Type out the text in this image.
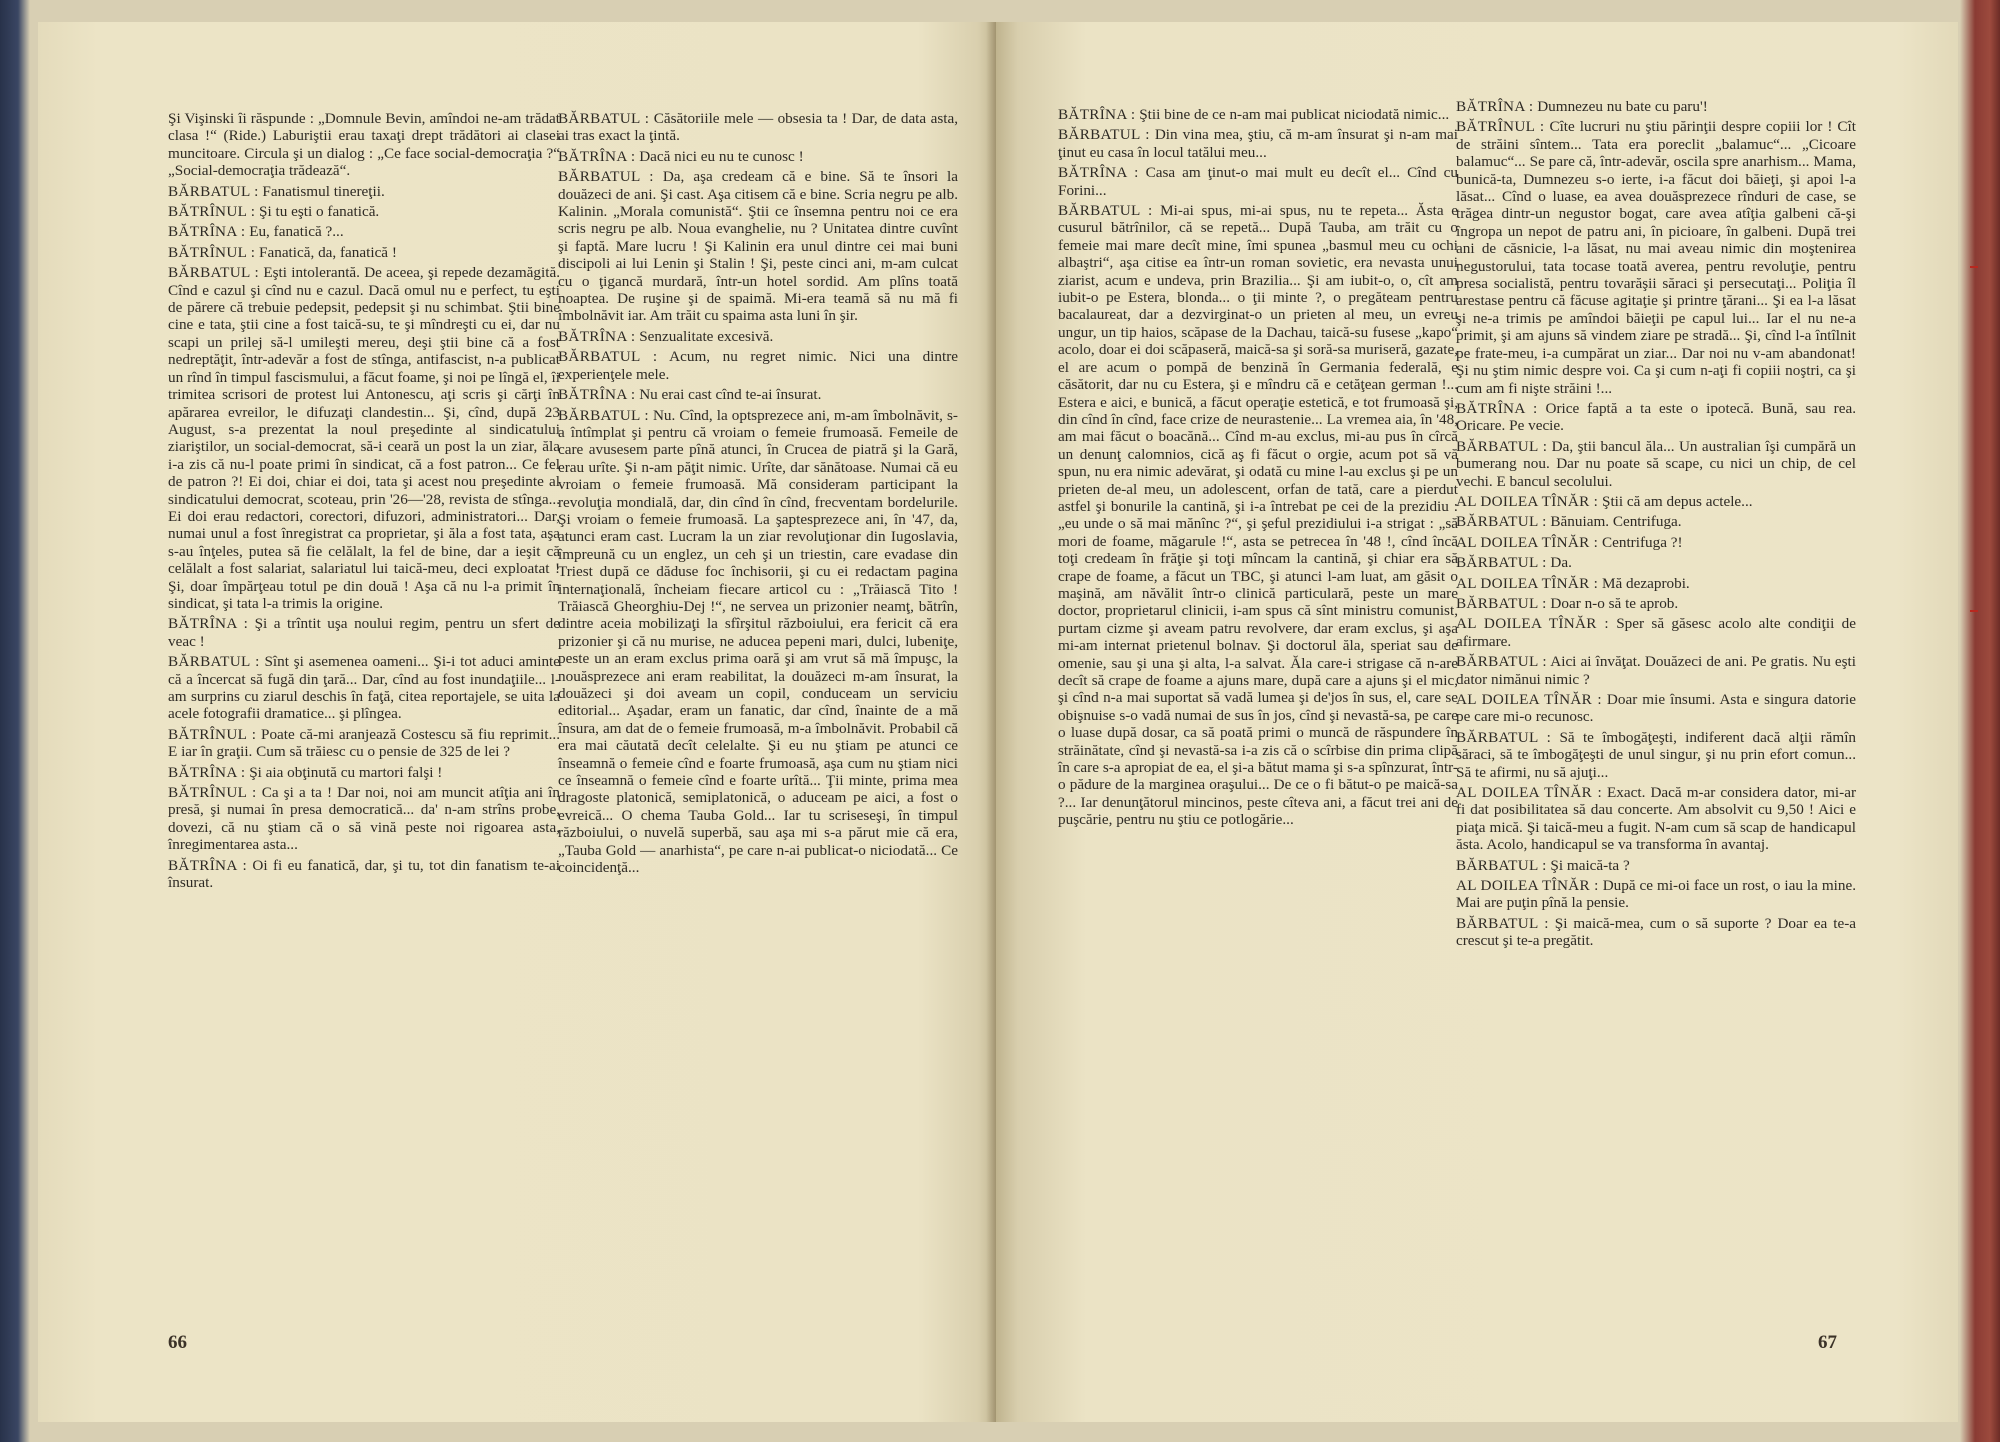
Şi Vişinski îi răspunde : „Domnule Bevin, amîndoi ne-am trădat clasa !“ (Ride.) Laburiştii erau taxaţi drept trădători ai clasei muncitoare. Circula şi un dialog : „Ce face social-democraţia ?“ „Social-democraţia trădează“.

BĂRBATUL : Fanatismul tinereţii.

BĂTRÎNUL : Şi tu eşti o fanatică.

BĂTRÎNA : Eu, fanatică ?...

BĂTRÎNUL : Fanatică, da, fanatică !

BĂRBATUL : Eşti intolerantă. De aceea, şi repede dezamăgită. Cînd e cazul şi cînd nu e cazul. Dacă omul nu e perfect, tu eşti de părere că trebuie pedepsit, pedepsit şi nu schimbat. Ştii bine cine e tata, ştii cine a fost taică-su, te şi mîndreşti cu ei, dar nu scapi un prilej să-l umileşti mereu, deşi ştii bine că a fost nedreptăţit, într-adevăr a fost de stînga, antifascist, n-a publicat un rînd în timpul fascismului, a făcut foame, şi noi pe lîngă el, îi trimitea scrisori de protest lui Antonescu, aţi scris şi cărţi în apărarea evreilor, le difuzaţi clandestin... Şi, cînd, după 23 August, s-a prezentat la noul preşedinte al sindicatului ziariştilor, un social-democrat, să-i ceară un post la un ziar, ăla i-a zis că nu-l poate primi în sindicat, că a fost patron... Ce fel de patron ?! Ei doi, chiar ei doi, tata şi acest nou preşedinte al sindicatului democrat, scoteau, prin '26—'28, revista de stînga... Ei doi erau redactori, corectori, difuzori, administratori... Dar, numai unul a fost înregistrat ca proprietar, şi ăla a fost tata, aşa s-au înţeles, putea să fie celălalt, la fel de bine, dar a ieşit că celălalt a fost salariat, salariatul lui taică-meu, deci exploatat ! Şi, doar împărţeau totul pe din două ! Aşa că nu l-a primit în sindicat, şi tata l-a trimis la origine.

BĂTRÎNA : Şi a trîntit uşa noului regim, pentru un sfert de veac !

BĂRBATUL : Sînt şi asemenea oameni... Şi-i tot aduci aminte că a încercat să fugă din ţară... Dar, cînd au fost inundaţiile... l-am surprins cu ziarul deschis în faţă, citea reportajele, se uita la acele fotografii dramatice... şi plîngea.

BĂTRÎNUL : Poate că-mi aranjează Costescu să fiu reprimit... E iar în graţii. Cum să trăiesc cu o pensie de 325 de lei ?

BĂTRÎNA : Şi aia obţinută cu martori falşi !

BĂTRÎNUL : Ca şi a ta ! Dar noi, noi am muncit atîţia ani în presă, şi numai în presa democratică... da' n-am strîns probe, dovezi, că nu ştiam că o să vină peste noi rigoarea asta, înregimentarea asta...

BĂTRÎNA : Oi fi eu fanatică, dar, şi tu, tot din fanatism te-ai însurat.

BĂRBATUL : Căsătoriile mele — obsesia ta ! Dar, de data asta, ai tras exact la ţintă.

BĂTRÎNA : Dacă nici eu nu te cunosc !

BĂRBATUL : Da, aşa credeam că e bine. Să te însori la douăzeci de ani. Şi cast. Aşa citisem că e bine. Scria negru pe alb. Kalinin. „Morala comunistă“. Ştii ce însemna pentru noi ce era scris negru pe alb. Noua evanghelie, nu ? Unitatea dintre cuvînt şi faptă. Mare lucru ! Şi Kalinin era unul dintre cei mai buni discipoli ai lui Lenin şi Stalin ! Şi, peste cinci ani, m-am culcat cu o ţigancă murdară, într-un hotel sordid. Am plîns toată noaptea. De ruşine şi de spaimă. Mi-era teamă să nu mă fi îmbolnăvit iar. Am trăit cu spaima asta luni în şir.

BĂTRÎNA : Senzualitate excesivă.

BĂRBATUL : Acum, nu regret nimic. Nici una dintre experienţele mele.

BĂTRÎNA : Nu erai cast cînd te-ai însurat.

BĂRBATUL : Nu. Cînd, la optsprezece ani, m-am îmbolnăvit, s-a întîmplat şi pentru că vroiam o femeie frumoasă. Femeile de care avusesem parte pînă atunci, în Crucea de piatră şi la Gară, erau urîte. Şi n-am păţit nimic. Urîte, dar sănătoase. Numai că eu vroiam o femeie frumoasă. Mă consideram participant la revoluţia mondială, dar, din cînd în cînd, frecventam bordelurile. Şi vroiam o femeie frumoasă. La şaptesprezece ani, în '47, da, atunci eram cast. Lucram la un ziar revoluţionar din Iugoslavia, împreună cu un englez, un ceh şi un triestin, care evadase din Triest după ce dăduse foc închisorii, şi cu ei redactam pagina internaţională, încheiam fiecare articol cu : „Trăiască Tito ! Trăiască Gheorghiu-Dej !“, ne servea un prizonier neamţ, bătrîn, dintre aceia mobilizaţi la sfîrşitul războiului, era fericit că era prizonier şi că nu murise, ne aducea pepeni mari, dulci, lubeniţe, peste un an eram exclus prima oară şi am vrut să mă împuşc, la nouăsprezece ani eram reabilitat, la douăzeci m-am însurat, la douăzeci şi doi aveam un copil, conduceam un serviciu editorial... Aşadar, eram un fanatic, dar cînd, înainte de a mă însura, am dat de o femeie frumoasă, m-a îmbolnăvit. Probabil că era mai căutată decît celelalte. Şi eu nu ştiam pe atunci ce înseamnă o femeie cînd e foarte frumoasă, aşa cum nu ştiam nici ce înseamnă o femeie cînd e foarte urîtă... Ţii minte, prima mea dragoste platonică, semiplatonică, o aduceam pe aici, a fost o evreică... O chema Tauba Gold... Iar tu scriseseşi, în timpul războiului, o nuvelă superbă, sau aşa mi s-a părut mie că era, „Tauba Gold — anarhista“, pe care n-ai publicat-o niciodată... Ce coincidenţă...

66

BĂTRÎNA : Ştii bine de ce n-am mai publicat niciodată nimic...

BĂRBATUL : Din vina mea, ştiu, că m-am însurat şi n-am mai ţinut eu casa în locul tatălui meu...

BĂTRÎNA : Casa am ţinut-o mai mult eu decît el... Cînd cu Forini...

BĂRBATUL : Mi-ai spus, mi-ai spus, nu te repeta... Ăsta e cusurul bătrînilor, că se repetă... După Tauba, am trăit cu o femeie mai mare decît mine, îmi spunea „basmul meu cu ochi albaştri“, aşa citise ea într-un roman sovietic, era nevasta unui ziarist, acum e undeva, prin Brazilia... Şi am iubit-o, o, cît am iubit-o pe Estera, blonda... o ţii minte ?, o pregăteam pentru bacalaureat, dar a dezvirginat-o un prieten al meu, un evreu ungur, un tip haios, scăpase de la Dachau, taică-su fusese „kapo“ acolo, doar ei doi scăpaseră, maică-sa şi soră-sa muriseră, gazate, el are acum o pompă de benzină în Germania federală, e căsătorit, dar nu cu Estera, şi e mîndru că e cetăţean german !... Estera e aici, e bunică, a făcut operaţie estetică, e tot frumoasă şi, din cînd în cînd, face crize de neurastenie... La vremea aia, în '48, am mai făcut o boacănă... Cînd m-au exclus, mi-au pus în cîrcă un denunţ calomnios, cică aş fi făcut o orgie, acum pot să vă spun, nu era nimic adevărat, şi odată cu mine l-au exclus şi pe un prieten de-al meu, un adolescent, orfan de tată, care a pierdut astfel şi bonurile la cantină, şi i-a întrebat pe cei de la prezidiu : „eu unde o să mai mănînc ?“, şi şeful prezidiului i-a strigat : „să mori de foame, măgarule !“, asta se petrecea în '48 !, cînd încă toţi credeam în frăţie şi toţi mîncam la cantină, şi chiar era să crape de foame, a făcut un TBC, şi atunci l-am luat, am găsit o maşină, am năvălit într-o clinică particulară, peste un mare doctor, proprietarul clinicii, i-am spus că sînt ministru comunist, purtam cizme şi aveam patru revolvere, dar eram exclus, şi aşa mi-am internat prietenul bolnav. Şi doctorul ăla, speriat sau de omenie, sau şi una şi alta, l-a salvat. Ăla care-i strigase că n-are decît să crape de foame a ajuns mare, după care a ajuns şi el mic, şi cînd n-a mai suportat să vadă lumea şi de'jos în sus, el, care se obişnuise s-o vadă numai de sus în jos, cînd şi nevastă-sa, pe care o luase după dosar, ca să poată primi o muncă de răspundere în străinătate, cînd şi nevastă-sa i-a zis că o scîrbise din prima clipă în care s-a apropiat de ea, el şi-a bătut mama şi s-a spînzurat, într-o pădure de la marginea oraşului... De ce o fi bătut-o pe maică-sa ?... Iar denunţătorul mincinos, peste cîteva ani, a făcut trei ani de puşcărie, pentru nu ştiu ce potlogărie...

BĂTRÎNA : Dumnezeu nu bate cu paru'!

BĂTRÎNUL : Cîte lucruri nu ştiu părinţii despre copiii lor ! Cît de străini sîntem... Tata era poreclit „balamuc“... „Cicoare balamuc“... Se pare că, într-adevăr, oscila spre anarhism... Mama, bunică-ta, Dumnezeu s-o ierte, i-a făcut doi băieţi, şi apoi l-a lăsat... Cînd o luase, ea avea douăsprezece rînduri de case, se trăgea dintr-un negustor bogat, care avea atîţia galbeni că-şi îngropa un nepot de patru ani, în picioare, în galbeni. După trei ani de căsnicie, l-a lăsat, nu mai aveau nimic din moştenirea negustorului, tata tocase toată averea, pentru revoluţie, pentru presa socialistă, pentru tovarăşii săraci şi persecutaţi... Poliţia îl arestase pentru că făcuse agitaţie şi printre ţărani... Şi ea l-a lăsat şi ne-a trimis pe amîndoi băieţii pe capul lui... Iar el nu ne-a primit, şi am ajuns să vindem ziare pe stradă... Şi, cînd l-a întîlnit pe frate-meu, i-a cumpărat un ziar... Dar noi nu v-am abandonat! Şi nu ştim nimic despre voi. Ca şi cum n-aţi fi copiii noştri, ca şi cum am fi nişte străini !...

BĂTRÎNA : Orice faptă a ta este o ipotecă. Bună, sau rea. Oricare. Pe vecie.

BĂRBATUL : Da, ştii bancul ăla... Un australian îşi cumpără un bumerang nou. Dar nu poate să scape, cu nici un chip, de cel vechi. E bancul secolului.

AL DOILEA TÎNĂR : Ştii că am depus actele...

BĂRBATUL : Bănuiam. Centrifuga.

AL DOILEA TÎNĂR : Centrifuga ?!

BĂRBATUL : Da.

AL DOILEA TÎNĂR : Mă dezaprobi.

BĂRBATUL : Doar n-o să te aprob.

AL DOILEA TÎNĂR : Sper să găsesc acolo alte condiţii de afirmare.

BĂRBATUL : Aici ai învăţat. Douăzeci de ani. Pe gratis. Nu eşti dator nimănui nimic ?

AL DOILEA TÎNĂR : Doar mie însumi. Asta e singura datorie pe care mi-o recunosc.

BĂRBATUL : Să te îmbogăţeşti, indiferent dacă alţii rămîn săraci, să te îmbogăţeşti de unul singur, şi nu prin efort comun... Să te afirmi, nu să ajuţi...

AL DOILEA TÎNĂR : Exact. Dacă m-ar considera dator, mi-ar fi dat posibilitatea să dau concerte. Am absolvit cu 9,50 ! Aici e piaţa mică. Şi taică-meu a fugit. N-am cum să scap de handicapul ăsta. Acolo, handicapul se va transforma în avantaj.

BĂRBATUL : Şi maică-ta ?

AL DOILEA TÎNĂR : După ce mi-oi face un rost, o iau la mine. Mai are puţin pînă la pensie.

BĂRBATUL : Şi maică-mea, cum o să suporte ? Doar ea te-a crescut şi te-a pregătit.

67
